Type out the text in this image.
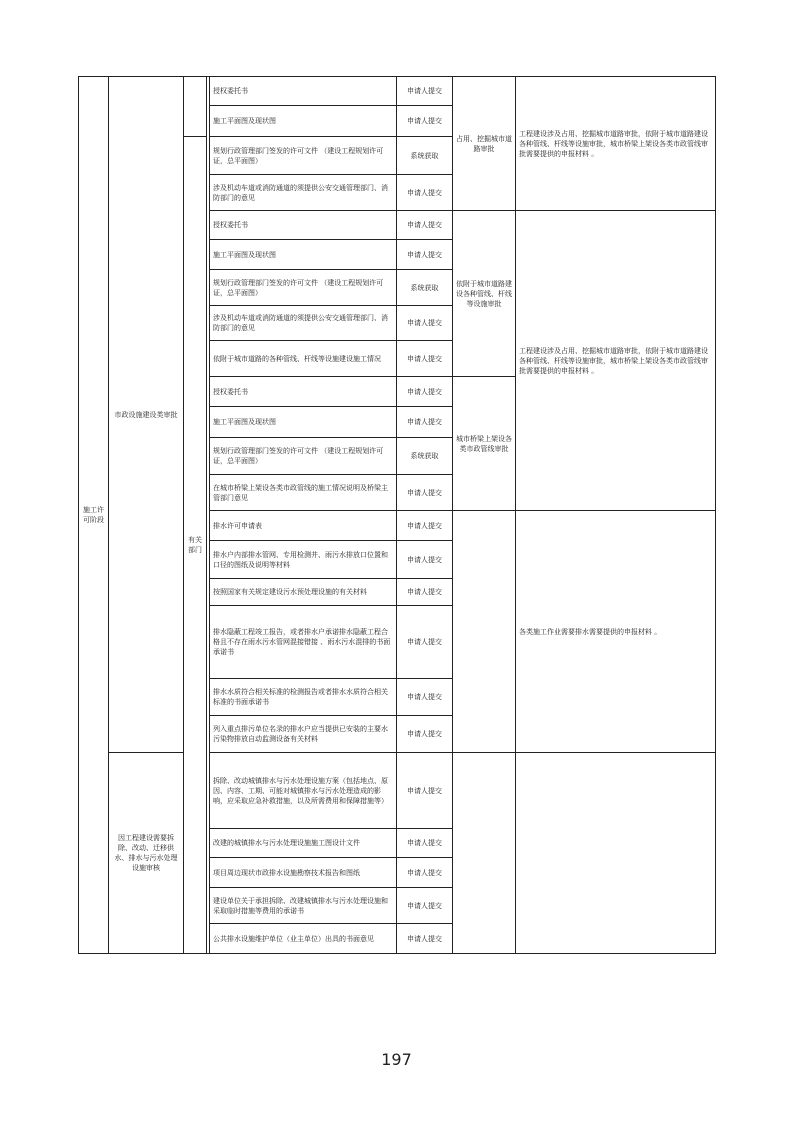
施工许可阶段	市政设施建设类审批			授权委托书	申请人提交	占用、挖掘城市道路审批	工程建设涉及占用、挖掘城市道路审批，依附于城市道路建设各种管线、杆线等设施审批，城市桥梁上架设各类市政管线审批需要提供的申报材料 。
				施工平面图及现状图	申请人提交		
		有关部门		规划行政管理部门签发的许可文件 （建设工程规划许可证，总平面图）	系统获取		
				涉及机动车道或消防通道的须提供公安交通管理部门、消防部门的意见	申请人提交		
				授权委托书	申请人提交	依附于城市道路建设各种管线、杆线等设施审批	工程建设涉及占用、挖掘城市道路审批，依附于城市道路建设各种管线、杆线等设施审批，城市桥梁上架设各类市政管线审批需要提供的申报材料 。
				施工平面图及现状图	申请人提交		
				规划行政管理部门签发的许可文件 （建设工程规划许可证，总平面图）	系统获取		
				涉及机动车道或消防通道的须提供公安交通管理部门、消防部门的意见	申请人提交		
				依附于城市道路的各种管线、杆线等设施建设施工情况	申请人提交		
				授权委托书	申请人提交	城市桥梁上架设各类市政管线审批	
				施工平面图及现状图	申请人提交		
				规划行政管理部门签发的许可文件 （建设工程规划许可证，总平面图）	系统获取		
				在城市桥梁上架设各类市政管线的施工情况说明及桥梁主管部门意见	申请人提交		
				排水许可申请表	申请人提交		各类施工作业需要排水需要提供的申报材料 。
				排水户内部排水管网、专用检测井、雨污水排放口位置和口径的图纸及说明等材料	申请人提交		
				按照国家有关规定建设污水预处理设施的有关材料	申请人提交		
				排水隐蔽工程竣工报告，或者排水户承诺排水隐蔽工程合格且不存在雨水污水管网混接错接 、雨水污水混排的书面承诺书	申请人提交		
				排水水质符合相关标准的检测报告或者排水水质符合相关标准的书面承诺书	申请人提交		
				列入重点排污单位名录的排水户应当提供已安装的主要水污染物排放自动监测设备有关材料	申请人提交		

	因工程建设需要拆除、改动、迁移供水、排水与污水处理设施审核			拆除、改动城镇排水与污水处理设施方案（包括地点、原因、内容、工期、可能对城镇排水与污水处理造成的影响，应采取应急补救措施，以及所需费用和保障措施等）	申请人提交		
				改建的城镇排水与污水处理设施施工图设计文件	申请人提交		
				项目周边现状市政排水设施勘察技术报告和图纸	申请人提交		
				建设单位关于承担拆除、改建城镇排水与污水处理设施和采取临时措施等费用的承诺书	申请人提交		
				公共排水设施维护单位（业主单位）出具的书面意见	申请人提交		
197
